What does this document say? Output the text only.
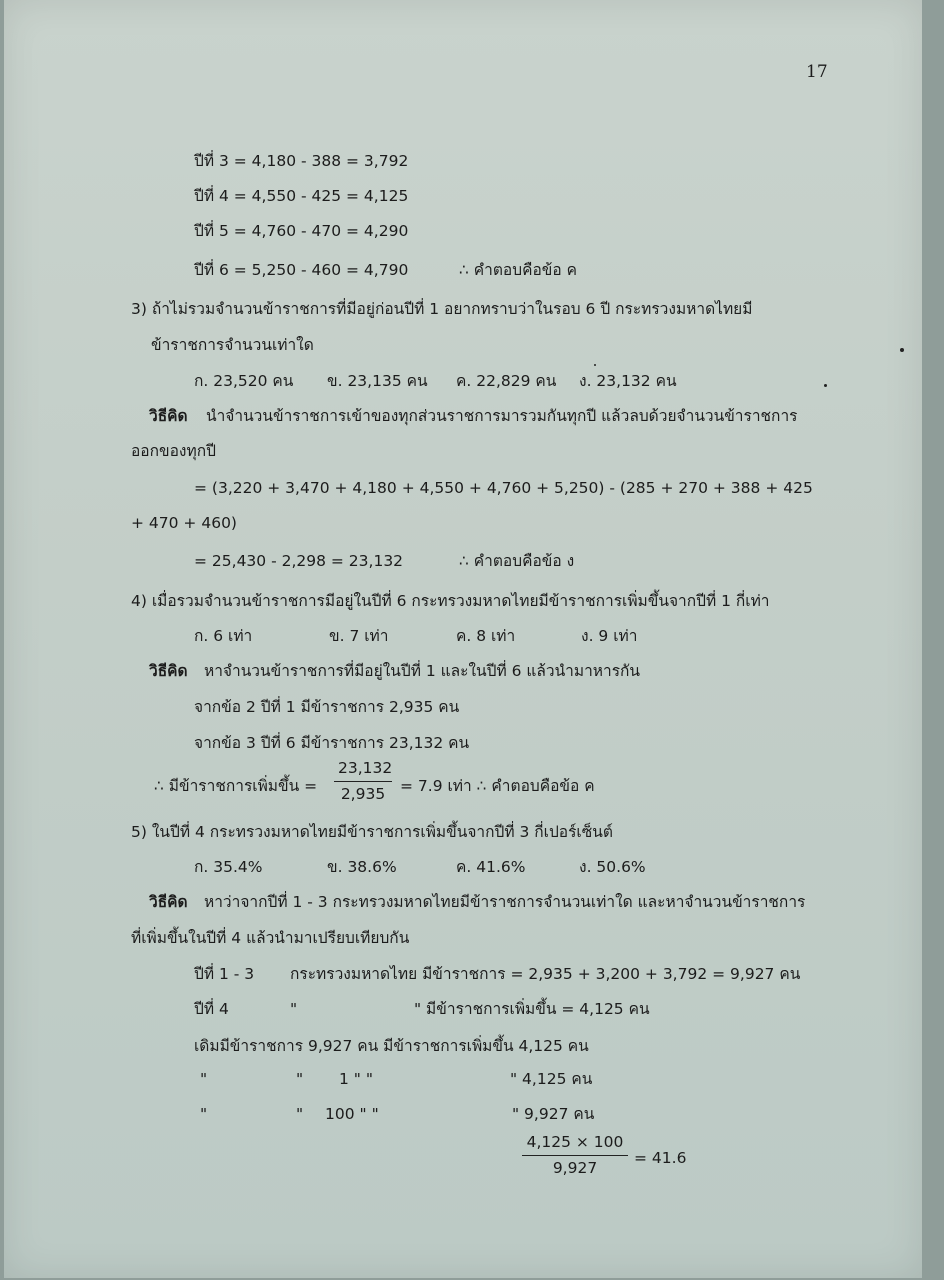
17
ปีที่ 3 = 4,180 - 388 = 3,792
ปีที่ 4 = 4,550 - 425 = 4,125
ปีที่ 5 = 4,760 - 470 = 4,290
ปีที่ 6 = 5,250 - 460 = 4,790	∴ คำตอบคือข้อ ค
3) ถ้าไม่รวมจำนวนข้าราชการที่มีอยู่ก่อนปีที่ 1 อยากทราบว่าในรอบ 6 ปี กระทรวงมหาดไทยมี
ข้าราชการจำนวนเท่าใด
ก. 23,520 คน ข. 23,135 คน ค. 22,829 คน ง. 23,132 คน
วิธีคิด นำจำนวนข้าราชการเข้าของทุกส่วนราชการมารวมกันทุกปี แล้วลบด้วยจำนวนข้าราชการ
ออกของทุกปี
= (3,220 + 3,470 + 4,180 + 4,550 + 4,760 + 5,250) - (285 + 270 + 388 + 425
+ 470 + 460)
= 25,430 - 2,298 = 23,132	∴ คำตอบคือข้อ ง
4) เมื่อรวมจำนวนข้าราชการมีอยู่ในปีที่ 6 กระทรวงมหาดไทยมีข้าราชการเพิ่มขึ้นจากปีที่ 1 กี่เท่า
ก. 6 เท่า	ข. 7 เท่า	ค. 8 เท่า	ง. 9 เท่า
วิธีคิด หาจำนวนข้าราชการที่มีอยู่ในปีที่ 1 และในปีที่ 6 แล้วนำมาหารกัน
จากข้อ 2 ปีที่ 1 มีข้าราชการ 2,935 คน
จากข้อ 3 ปีที่ 6 มีข้าราชการ 23,132 คน
∴ มีข้าราชการเพิ่มขึ้น = $\frac{23,132}{2,935} = 7.9$ เท่า ∴ คำตอบคือข้อ ค
5) ในปีที่ 4 กระทรวงมหาดไทยมีข้าราชการเพิ่มขึ้นจากปีที่ 3 กี่เปอร์เซ็นต์
ก. 35.4%	ข. 38.6%	ค. 41.6%	ง. 50.6%
วิธีคิด หาว่าจากปีที่ 1 - 3 กระทรวงมหาดไทยมีข้าราชการจำนวนเท่าใด และหาจำนวนข้าราชการ
ที่เพิ่มขึ้นในปีที่ 4 แล้วนำมาเปรียบเทียบกัน
ปีที่ 1 - 3 กระทรวงมหาดไทย มีข้าราชการ = 2,935 + 3,200 + 3,792 = 9,927 คน
ปีที่ 4	"	" มีข้าราชการเพิ่มขึ้น = 4,125 คน
เดิมมีข้าราชการ 9,927 คน มีข้าราชการเพิ่มขึ้น 4,125 คน
"	" 1 " "	" 4,125 คน
"	" 100 " "	" 9,927 คน
$\frac{4,125 \times 100}{9,927} = 41.6$
